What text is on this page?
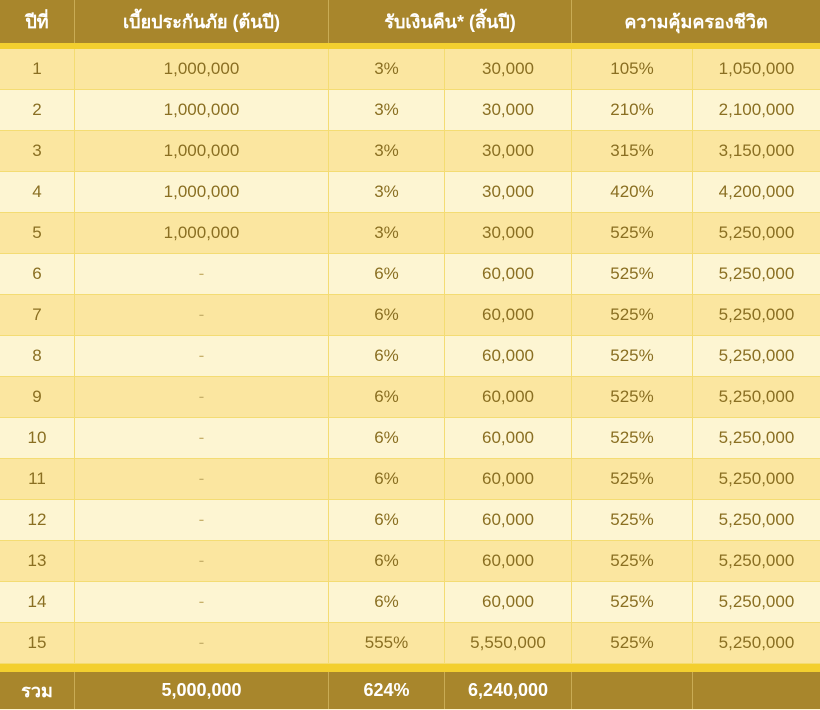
ปีที่	เบี้ยประกันภัย (ต้นปี)	รับเงินคืน* (สิ้นปี)	ความคุ้มครองชีวิต
1	1,000,000	3%	30,000	105%	1,050,000
2	1,000,000	3%	30,000	210%	2,100,000
3	1,000,000	3%	30,000	315%	3,150,000
4	1,000,000	3%	30,000	420%	4,200,000
5	1,000,000	3%	30,000	525%	5,250,000
6	-	6%	60,000	525%	5,250,000
7	-	6%	60,000	525%	5,250,000
8	-	6%	60,000	525%	5,250,000
9	-	6%	60,000	525%	5,250,000
10	-	6%	60,000	525%	5,250,000
11	-	6%	60,000	525%	5,250,000
12	-	6%	60,000	525%	5,250,000
13	-	6%	60,000	525%	5,250,000
14	-	6%	60,000	525%	5,250,000
15	-	555%	5,550,000	525%	5,250,000
รวม	5,000,000	624%	6,240,000
